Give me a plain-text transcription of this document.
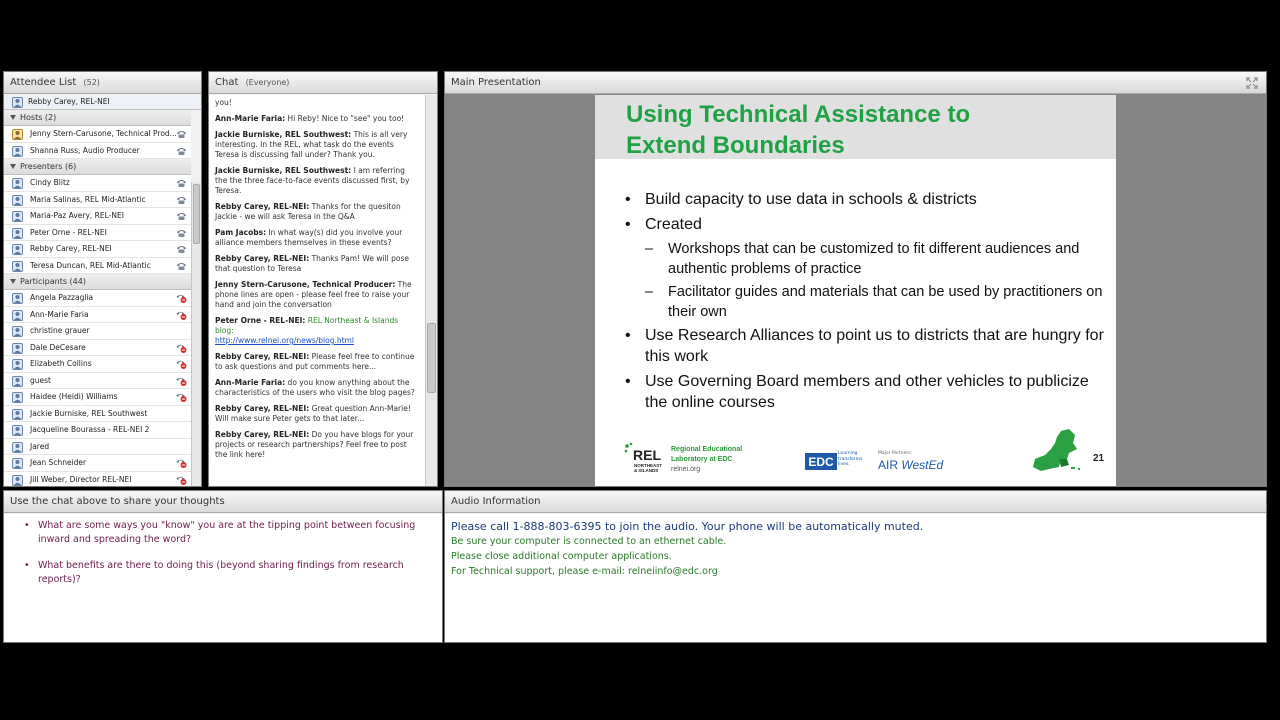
Attendee List (52)
Rebby Carey, REL-NEI
Hosts (2)
Jenny Stern-Carusone, Technical Prod...
Shanna Russ, Audio Producer
Presenters (6)
Cindy Blitz
Maria Salinas, REL Mid-Atlantic
Maria-Paz Avery, REL-NEI
Peter Orne - REL-NEI
Rebby Carey, REL-NEI
Teresa Duncan, REL Mid-Atlantic
Participants (44)
Angela Pazzaglia
Ann-Marie Faria
christine grauer
Dale DeCesare
Elizabeth Collins
guest
Haidee (Heidi) Williams
Jackie Burniske, REL Southwest
Jacqueline Bourassa - REL-NEI 2
Jared
Jean Schneider
Jill Weber, Director REL-NEI
Chat (Everyone)
you!
Ann-Marie Faria: Hi Reby! Nice to "see" you too!
Jackie Burniske, REL Southwest: This is all very interesting. In the REL, what task do the events Teresa is discussing fall under? Thank you.
Jackie Burniske, REL Southwest: I am referring the the three face-to-face events discussed first, by Teresa.
Rebby Carey, REL-NEI: Thanks for the quesiton Jackie - we will ask Teresa in the Q&A
Pam Jacobs: In what way(s) did you involve your alliance members themselves in these events?
Rebby Carey, REL-NEI: Thanks Pam! We will pose that question to Teresa
Jenny Stern-Carusone, Technical Producer: The phone lines are open - please feel free to raise your hand and join the conversation
Peter Orne - REL-NEI: REL Northeast & Islands blog:
http://www.relnei.org/news/blog.html
Rebby Carey, REL-NEI: Please feel free to continue to ask questions and put comments here...
Ann-Marie Faria: do you know anything about the characteristics of the users who visit the blog pages?
Rebby Carey, REL-NEI: Great question Ann-Marie! Will make sure Peter gets to that later...
Rebby Carey, REL-NEI: Do you have blogs for your projects or research partnerships? Feel free to post the link here!
Main Presentation
Using Technical Assistance to
Extend Boundaries
• Build capacity to use data in schools & districts
• Created
– Workshops that can be customized to fit different audiences and authentic problems of practice
– Facilitator guides and materials that can be used by practitioners on their own
• Use Research Alliances to point us to districts that are hungry for this work
• Use Governing Board members and other vehicles to publicize the online courses
REL
NORTHEAST
& ISLANDS
Regional Educational
Laboratory at EDC
relnei.org
EDC
Learning
transforms
lives.
Major Partners:
AIR WestEd	21
Use the chat above to share your thoughts
• What are some ways you "know" you are at the tipping point between focusing inward and spreading the word?
• What benefits are there to doing this (beyond sharing findings from research reports)?
Audio Information
Please call 1-888-803-6395 to join the audio. Your phone will be automatically muted.
Be sure your computer is connected to an ethernet cable.
Please close additional computer applications.
For Technical support, please e-mail: relneiinfo@edc.org
